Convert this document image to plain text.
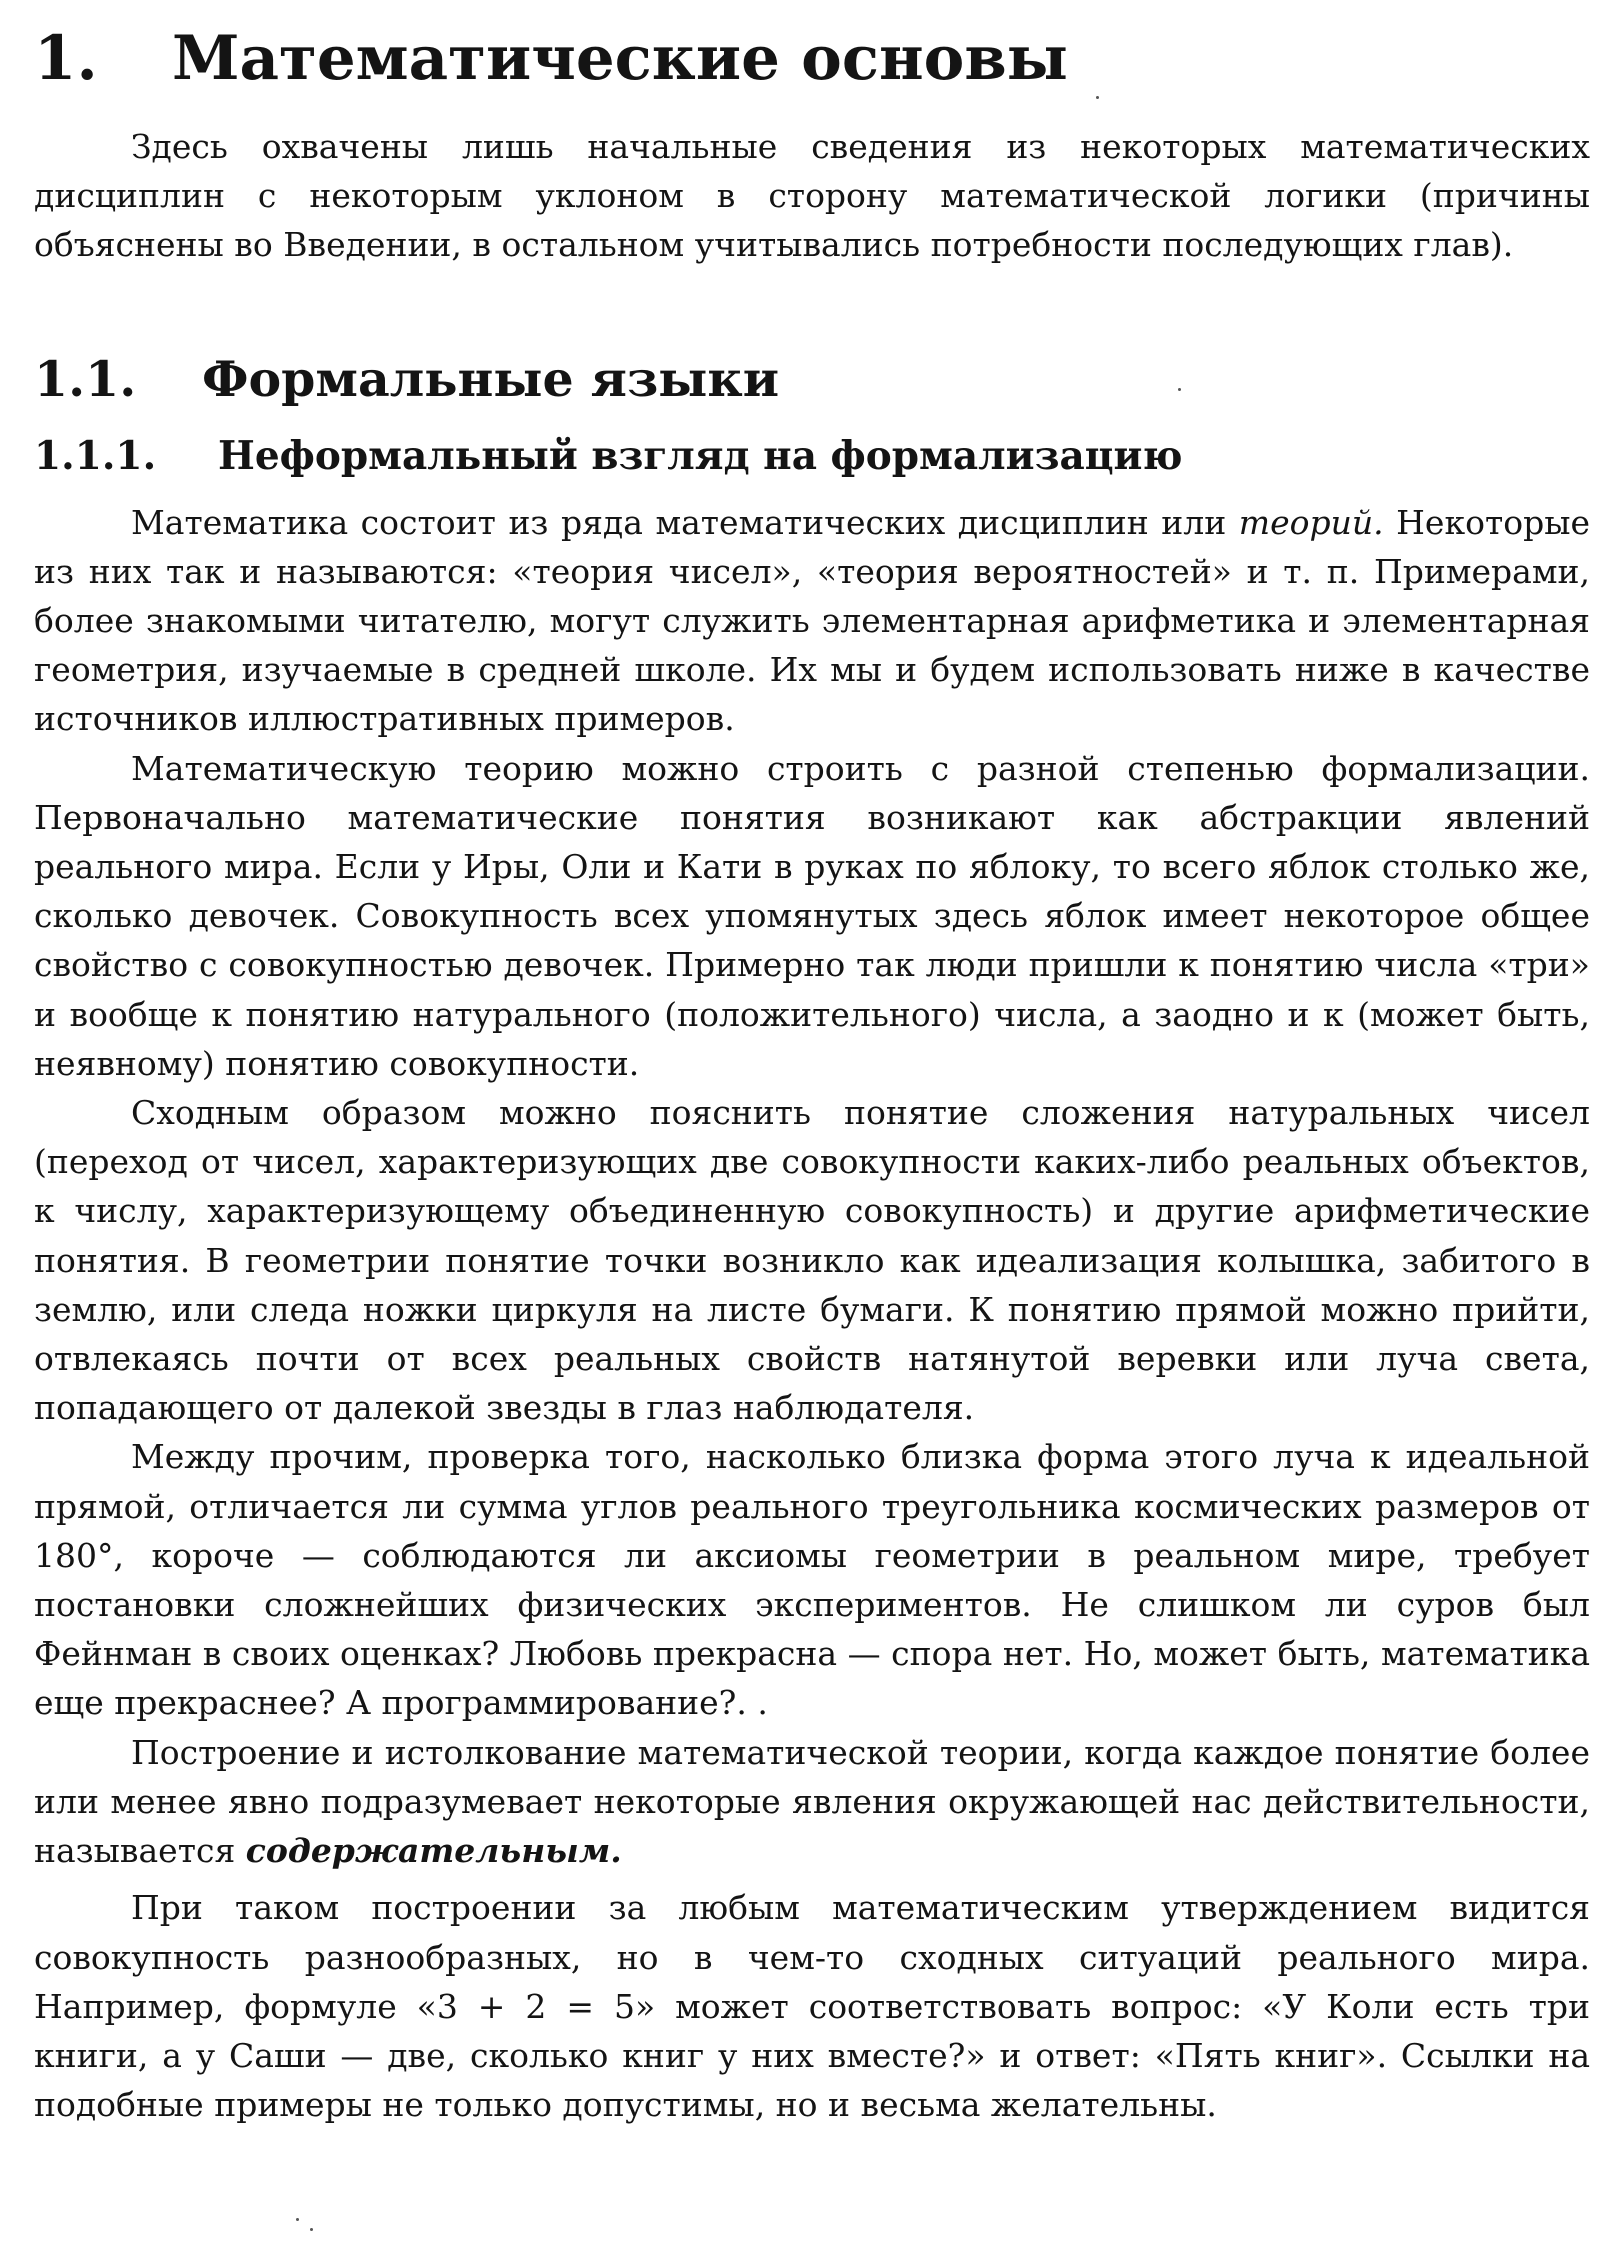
1. Математические основы

Здесь охвачены лишь начальные сведения из некоторых математических дисциплин с некоторым уклоном в сторону математической логики (причины объяснены во Введении, в остальном учитывались потребности последующих глав).

1.1. Формальные языки
1.1.1. Неформальный взгляд на формализацию

Математика состоит из ряда математических дисциплин или теорий. Некоторые из них так и называются: «теория чисел», «теория вероятностей» и т. п. Примерами, более знакомыми читателю, могут служить элементарная арифметика и элементарная геометрия, изучаемые в средней школе. Их мы и будем использовать ниже в качестве источников иллюстративных примеров.

Математическую теорию можно строить с разной степенью формализации. Первоначально математические понятия возникают как абстракции явлений реального мира. Если у Иры, Оли и Кати в руках по яблоку, то всего яблок столько же, сколько девочек. Совокупность всех упомянутых здесь яблок имеет некоторое общее свойство с совокупностью девочек. Примерно так люди пришли к понятию числа «три» и вообще к понятию натурального (положительного) числа, а заодно и к (может быть, неявному) понятию совокупности.

Сходным образом можно пояснить понятие сложения натуральных чисел (переход от чисел, характеризующих две совокупности каких-либо реальных объектов, к числу, характеризующему объединенную совокупность) и другие арифметические понятия. В геометрии понятие точки возникло как идеализация колышка, забитого в землю, или следа ножки циркуля на листе бумаги. К понятию прямой можно прийти, отвлекаясь почти от всех реальных свойств натянутой веревки или луча света, попадающего от далекой звезды в глаз наблюдателя.

Между прочим, проверка того, насколько близка форма этого луча к идеальной прямой, отличается ли сумма углов реального треугольника космических размеров от 180°, короче — соблюдаются ли аксиомы геометрии в реальном мире, требует постановки сложнейших физических экспериментов. Не слишком ли суров был Фейнман в своих оценках? Любовь прекрасна — спора нет. Но, может быть, математика еще прекраснее? А программирование?. .

Построение и истолкование математической теории, когда каждое понятие более или менее явно подразумевает некоторые явления окружающей нас действительности, называется содержательным.

При таком построении за любым математическим утверждением видится совокупность разнообразных, но в чем-то сходных ситуаций реального мира. Например, формуле «3 + 2 = 5» может соответствовать вопрос: «У Коли есть три книги, а у Саши — две, сколько книг у них вместе?» и ответ: «Пять книг». Ссылки на подобные примеры не только допустимы, но и весьма желательны.
